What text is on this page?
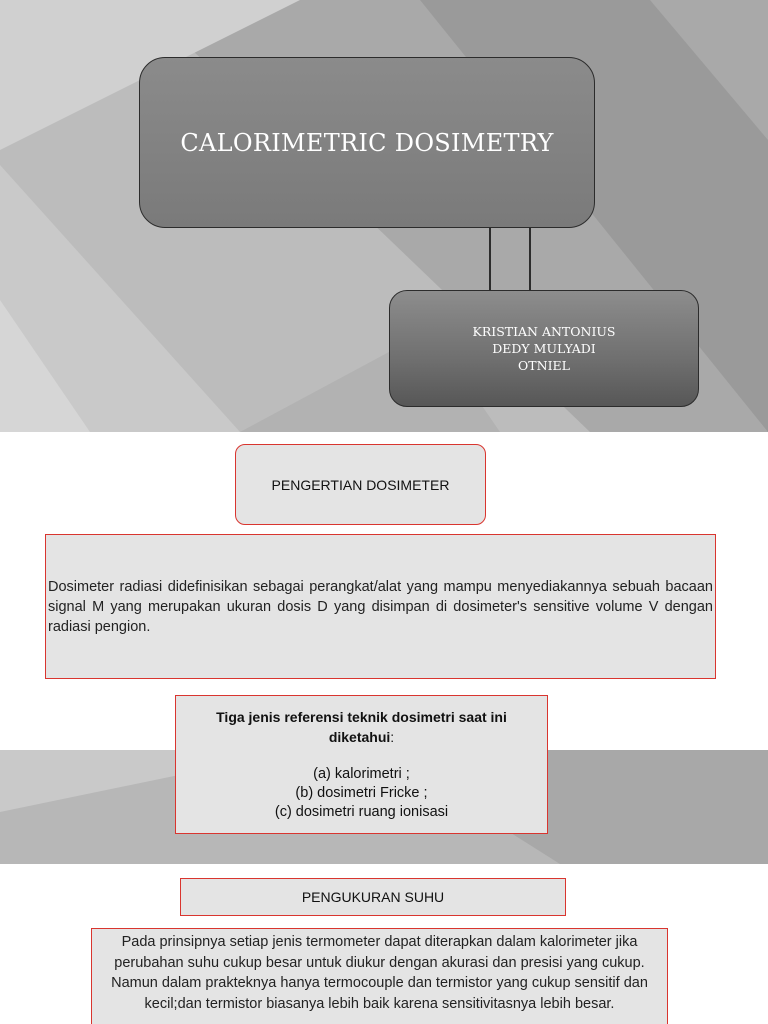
CALORIMETRIC DOSIMETRY
KRISTIAN ANTONIUS
DEDY MULYADI
OTNIEL
PENGERTIAN DOSIMETER

Dosimeter radiasi didefinisikan sebagai perangkat/alat yang mampu menyediakannya sebuah bacaan signal M yang merupakan ukuran dosis D yang disimpan di dosimeter's sensitive volume V dengan radiasi pengion.

Tiga jenis referensi teknik dosimetri saat ini diketahui:
(a) kalorimetri ;
(b) dosimetri Fricke ;
(c) dosimetri ruang ionisasi
PENGUKURAN SUHU
Pada prinsipnya setiap jenis termometer dapat diterapkan dalam kalorimeter jika perubahan suhu cukup besar untuk diukur dengan akurasi dan presisi yang cukup. Namun dalam prakteknya hanya termocouple dan termistor yang cukup sensitif dan kecil;dan termistor biasanya lebih baik karena sensitivitasnya lebih besar.
